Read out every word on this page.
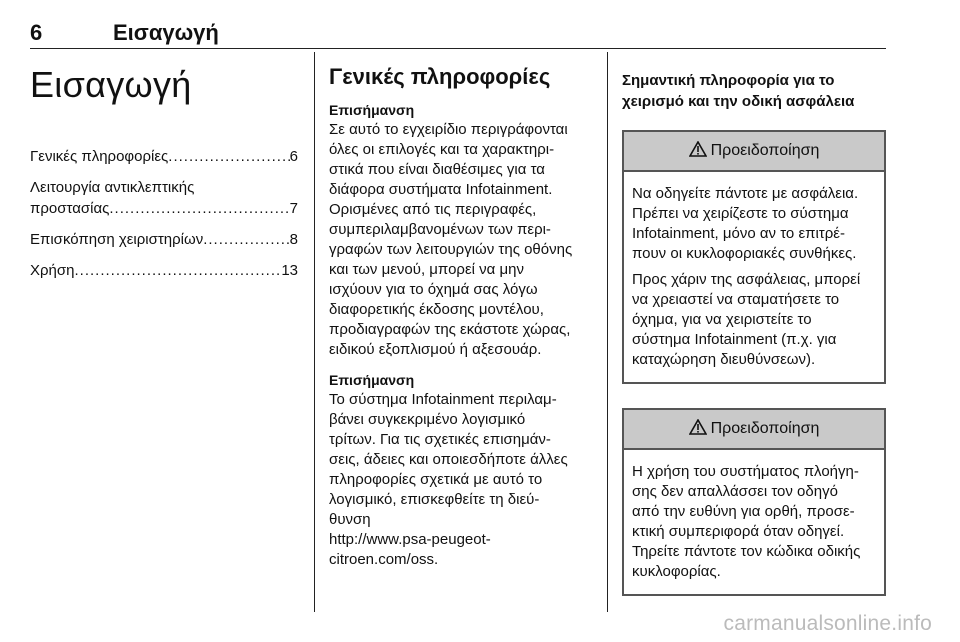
6	Εισαγωγή
Εισαγωγή
Γενικές πληροφορίες .....	6
Λειτουργία αντικλεπτικής
προστασίας .....	7
Επισκόπηση χειριστηρίων .....	8
Χρήση .....	13
Γενικές πληροφορίες
Επισήμανση
Σε αυτό το εγχειρίδιο περιγράφονται
όλες οι επιλογές και τα χαρακτηρι-
στικά που είναι διαθέσιμες για τα
διάφορα συστήματα Infotainment.
Ορισμένες από τις περιγραφές,
συμπεριλαμβανομένων των περι-
γραφών των λειτουργιών της οθόνης
και των μενού, μπορεί να μην
ισχύουν για το όχημά σας λόγω
διαφορετικής έκδοσης μοντέλου,
προδιαγραφών της εκάστοτε χώρας,
ειδικού εξοπλισμού ή αξεσουάρ.
Επισήμανση
Το σύστημα Infotainment περιλαμ-
βάνει συγκεκριμένο λογισμικό
τρίτων. Για τις σχετικές επισημάν-
σεις, άδειες και οποιεσδήποτε άλλες
πληροφορίες σχετικά με αυτό το
λογισμικό, επισκεφθείτε τη διεύ-
θυνση
http://www.psa-peugeot-
citroen.com/oss.
Σημαντική πληροφορία για το
χειρισμό και την οδική ασφάλεια
Προειδοποίηση

Να οδηγείτε πάντοτε με ασφάλεια.
Πρέπει να χειρίζεστε το σύστημα
Infotainment, μόνο αν το επιτρέ-
πουν οι κυκλοφοριακές συνθήκες.

Προς χάριν της ασφάλειας, μπορεί
να χρειαστεί να σταματήσετε το
όχημα, για να χειριστείτε το
σύστημα Infotainment (π.χ. για
καταχώρηση διευθύνσεων).

Προειδοποίηση

Η χρήση του συστήματος πλοήγη-
σης δεν απαλλάσσει τον οδηγό
από την ευθύνη για ορθή, προσε-
κτική συμπεριφορά όταν οδηγεί.
Τηρείτε πάντοτε τον κώδικα οδικής
κυκλοφορίας.

carmanualsonline.info
